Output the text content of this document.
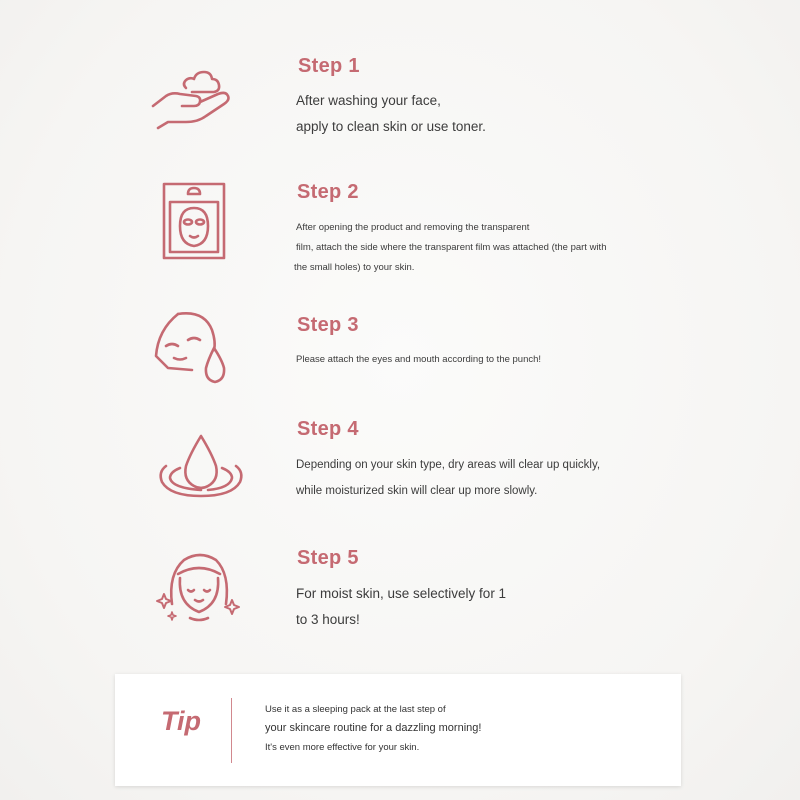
Step 1
After washing your face,
apply to clean skin or use toner.
Step 2
After opening the product and removing the transparent
film, attach the side where the transparent film was attached (the part with
the small holes) to your skin.
Step 3
Please attach the eyes and mouth according to the punch!
Step 4
Depending on your skin type, dry areas will clear up quickly,
while moisturized skin will clear up more slowly.
Step 5
For moist skin, use selectively for 1
to 3 hours!
Tip	Use it as a sleeping pack at the last step of
your skincare routine for a dazzling morning!
It's even more effective for your skin.
